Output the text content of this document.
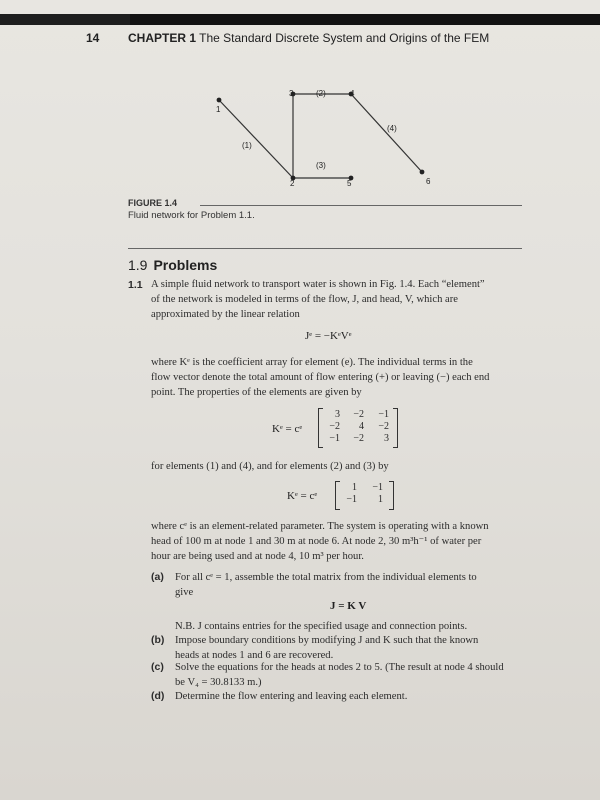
14 CHAPTER 1 The Standard Discrete System and Origins of the FEM
1
2
3	4
5	6
(1)
(2)
(3)
(4)
FIGURE 1.4
Fluid network for Problem 1.1.
1.9 Problems
1.1 A simple fluid network to transport water is shown in Fig. 1.4. Each “element”
of the network is modeled in terms of the flow, J, and head, V, which are
approximated by the linear relation
Jᵉ = −KᵉVᵉ
where Kᵉ is the coefficient array for element (e). The individual terms in the
flow vector denote the total amount of flow entering (+) or leaving (−) each end
point. The properties of the elements are given by
Kᵉ = cᵉ
3	−2	−1
−2	4	−2
−1	−2	3
for elements (1) and (4), and for elements (2) and (3) by
Kᵉ = cᵉ
1	−1
−1	1
where cᵉ is an element-related parameter. The system is operating with a known
head of 100 m at node 1 and 30 m at node 6. At node 2, 30 m³h⁻¹ of water per
hour are being used and at node 4, 10 m³ per hour.
(a) For all cᵉ = 1, assemble the total matrix from the individual elements to
give
J = K V
N.B. J contains entries for the specified usage and connection points.
(b) Impose boundary conditions by modifying J and K such that the known
heads at nodes 1 and 6 are recovered.
(c) Solve the equations for the heads at nodes 2 to 5. (The result at node 4 should
be V₄ = 30.8133 m.)
(d) Determine the flow entering and leaving each element.
